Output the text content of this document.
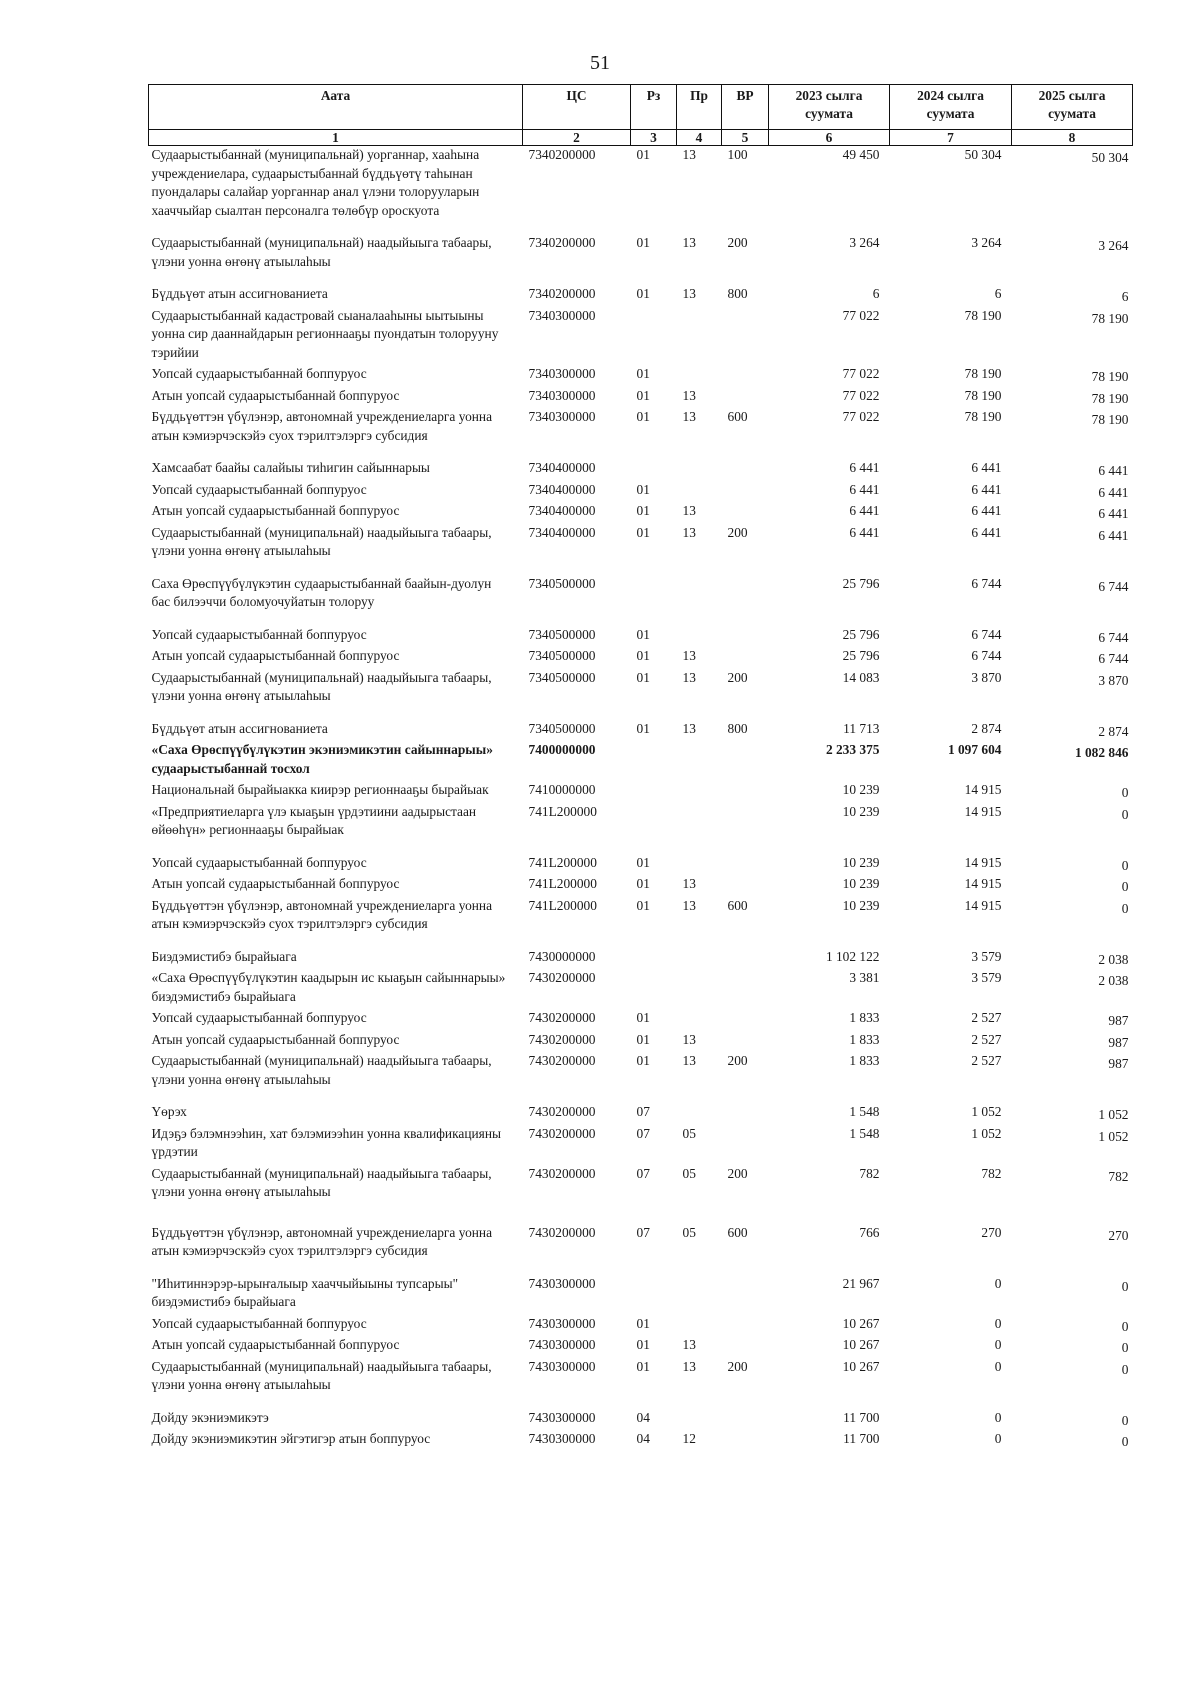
51
Аата	ЦС	Рз	Пр	ВР	2023 сылга суумата	2024 сылга суумата	2025 сылга суумата
1	2	3	4	5	6	7	8
Судаарыстыбаннай (муниципальнай) уорганнар, хааһына учреждениелара, судаарыстыбаннай бүддьүөтү таһынан пуондалары салайар уорганнар анал үлэни толорууларын хааччыйар сыалтан персоналга төлөбүр ороскуота	7340200000	01	13	100	49 450	50 304	50 304
Судаарыстыбаннай (муниципальнай) наадыйыыга табаары, үлэни уонна өҥөнү атыылаһыы	7340200000	01	13	200	3 264	3 264	3 264
Бүддьүөт атын ассигнованиета	7340200000	01	13	800	6	6	6
Судаарыстыбаннай кадастровай сыаналааһыны ыытыыны уонна сир дааннайдарын регионнааҕы пуондатын толорууну тэрийии	7340300000				77 022	78 190	78 190
Уопсай судаарыстыбаннай боппуруос	7340300000	01			77 022	78 190	78 190
Атын уопсай судаарыстыбаннай боппуруос	7340300000	01	13		77 022	78 190	78 190
Бүддьүөттэн үбүлэнэр, автономнай учреждениеларга уонна атын кэмиэрчэскэйэ суох тэрилтэлэргэ субсидия	7340300000	01	13	600	77 022	78 190	78 190
Хамсаабат баайы салайыы тиһигин сайыннарыы	7340400000				6 441	6 441	6 441
Уопсай судаарыстыбаннай боппуруос	7340400000	01			6 441	6 441	6 441
Атын уопсай судаарыстыбаннай боппуруос	7340400000	01	13		6 441	6 441	6 441
Судаарыстыбаннай (муниципальнай) наадыйыыга табаары, үлэни уонна өҥөнү атыылаһыы	7340400000	01	13	200	6 441	6 441	6 441
Саха Өрөспүүбүлүкэтин судаарыстыбаннай баайын-дуолун бас билээччи боломуочуйатын толоруу	7340500000				25 796	6 744	6 744
Уопсай судаарыстыбаннай боппуруос	7340500000	01			25 796	6 744	6 744
Атын уопсай судаарыстыбаннай боппуруос	7340500000	01	13		25 796	6 744	6 744
Судаарыстыбаннай (муниципальнай) наадыйыыга табаары, үлэни уонна өҥөнү атыылаһыы	7340500000	01	13	200	14 083	3 870	3 870
Бүддьүөт атын ассигнованиета	7340500000	01	13	800	11 713	2 874	2 874
«Саха Өрөспүүбүлүкэтин экэниэмикэтин сайыннарыы» судаарыстыбаннай тосхол	7400000000				2 233 375	1 097 604	1 082 846
Национальнай бырайыакка киирэр регионнааҕы бырайыак	7410000000				10 239	14 915	0
«Предприятиеларга үлэ кыаҕын үрдэтиини аадырыстаан өйөөһүн» регионнааҕы бырайыак	741L200000				10 239	14 915	0
Уопсай судаарыстыбаннай боппуруос	741L200000	01			10 239	14 915	0
Атын уопсай судаарыстыбаннай боппуруос	741L200000	01	13		10 239	14 915	0
Бүддьүөттэн үбүлэнэр, автономнай учреждениеларга уонна атын кэмиэрчэскэйэ суох тэрилтэлэргэ субсидия	741L200000	01	13	600	10 239	14 915	0
Биэдэмистибэ бырайыага	7430000000				1 102 122	3 579	2 038
«Саха Өрөспүүбүлүкэтин каадырын ис кыаҕын сайыннарыы» биэдэмистибэ бырайыага	7430200000				3 381	3 579	2 038
Уопсай судаарыстыбаннай боппуруос	7430200000	01			1 833	2 527	987
Атын уопсай судаарыстыбаннай боппуруос	7430200000	01	13		1 833	2 527	987
Судаарыстыбаннай (муниципальнай) наадыйыыга табаары, үлэни уонна өҥөнү атыылаһыы	7430200000	01	13	200	1 833	2 527	987
Үөрэх	7430200000	07			1 548	1 052	1 052
Идэҕэ бэлэмнээһин, хат бэлэмиээһин уонна квалификацияны үрдэтии	7430200000	07	05		1 548	1 052	1 052
Судаарыстыбаннай (муниципальнай) наадыйыыга табаары, үлэни уонна өҥөнү атыылаһыы	7430200000	07	05	200	782	782	782
Бүддьүөттэн үбүлэнэр, автономнай учреждениеларга уонна атын кэмиэрчэскэйэ суох тэрилтэлэргэ субсидия	7430200000	07	05	600	766	270	270
"Иһитиннэрэр-ырыҥалыыр хааччыйыыны тупсарыы" биэдэмистибэ бырайыага	7430300000				21 967	0	0
Уопсай судаарыстыбаннай боппуруос	7430300000	01			10 267	0	0
Атын уопсай судаарыстыбаннай боппуруос	7430300000	01	13		10 267	0	0
Судаарыстыбаннай (муниципальнай) наадыйыыга табаары, үлэни уонна өҥөнү атыылаһыы	7430300000	01	13	200	10 267	0	0
Дойду экэниэмикэтэ	7430300000	04			11 700	0	0
Дойду экэниэмикэтин эйгэтигэр атын боппуруос	7430300000	04	12		11 700	0	0
